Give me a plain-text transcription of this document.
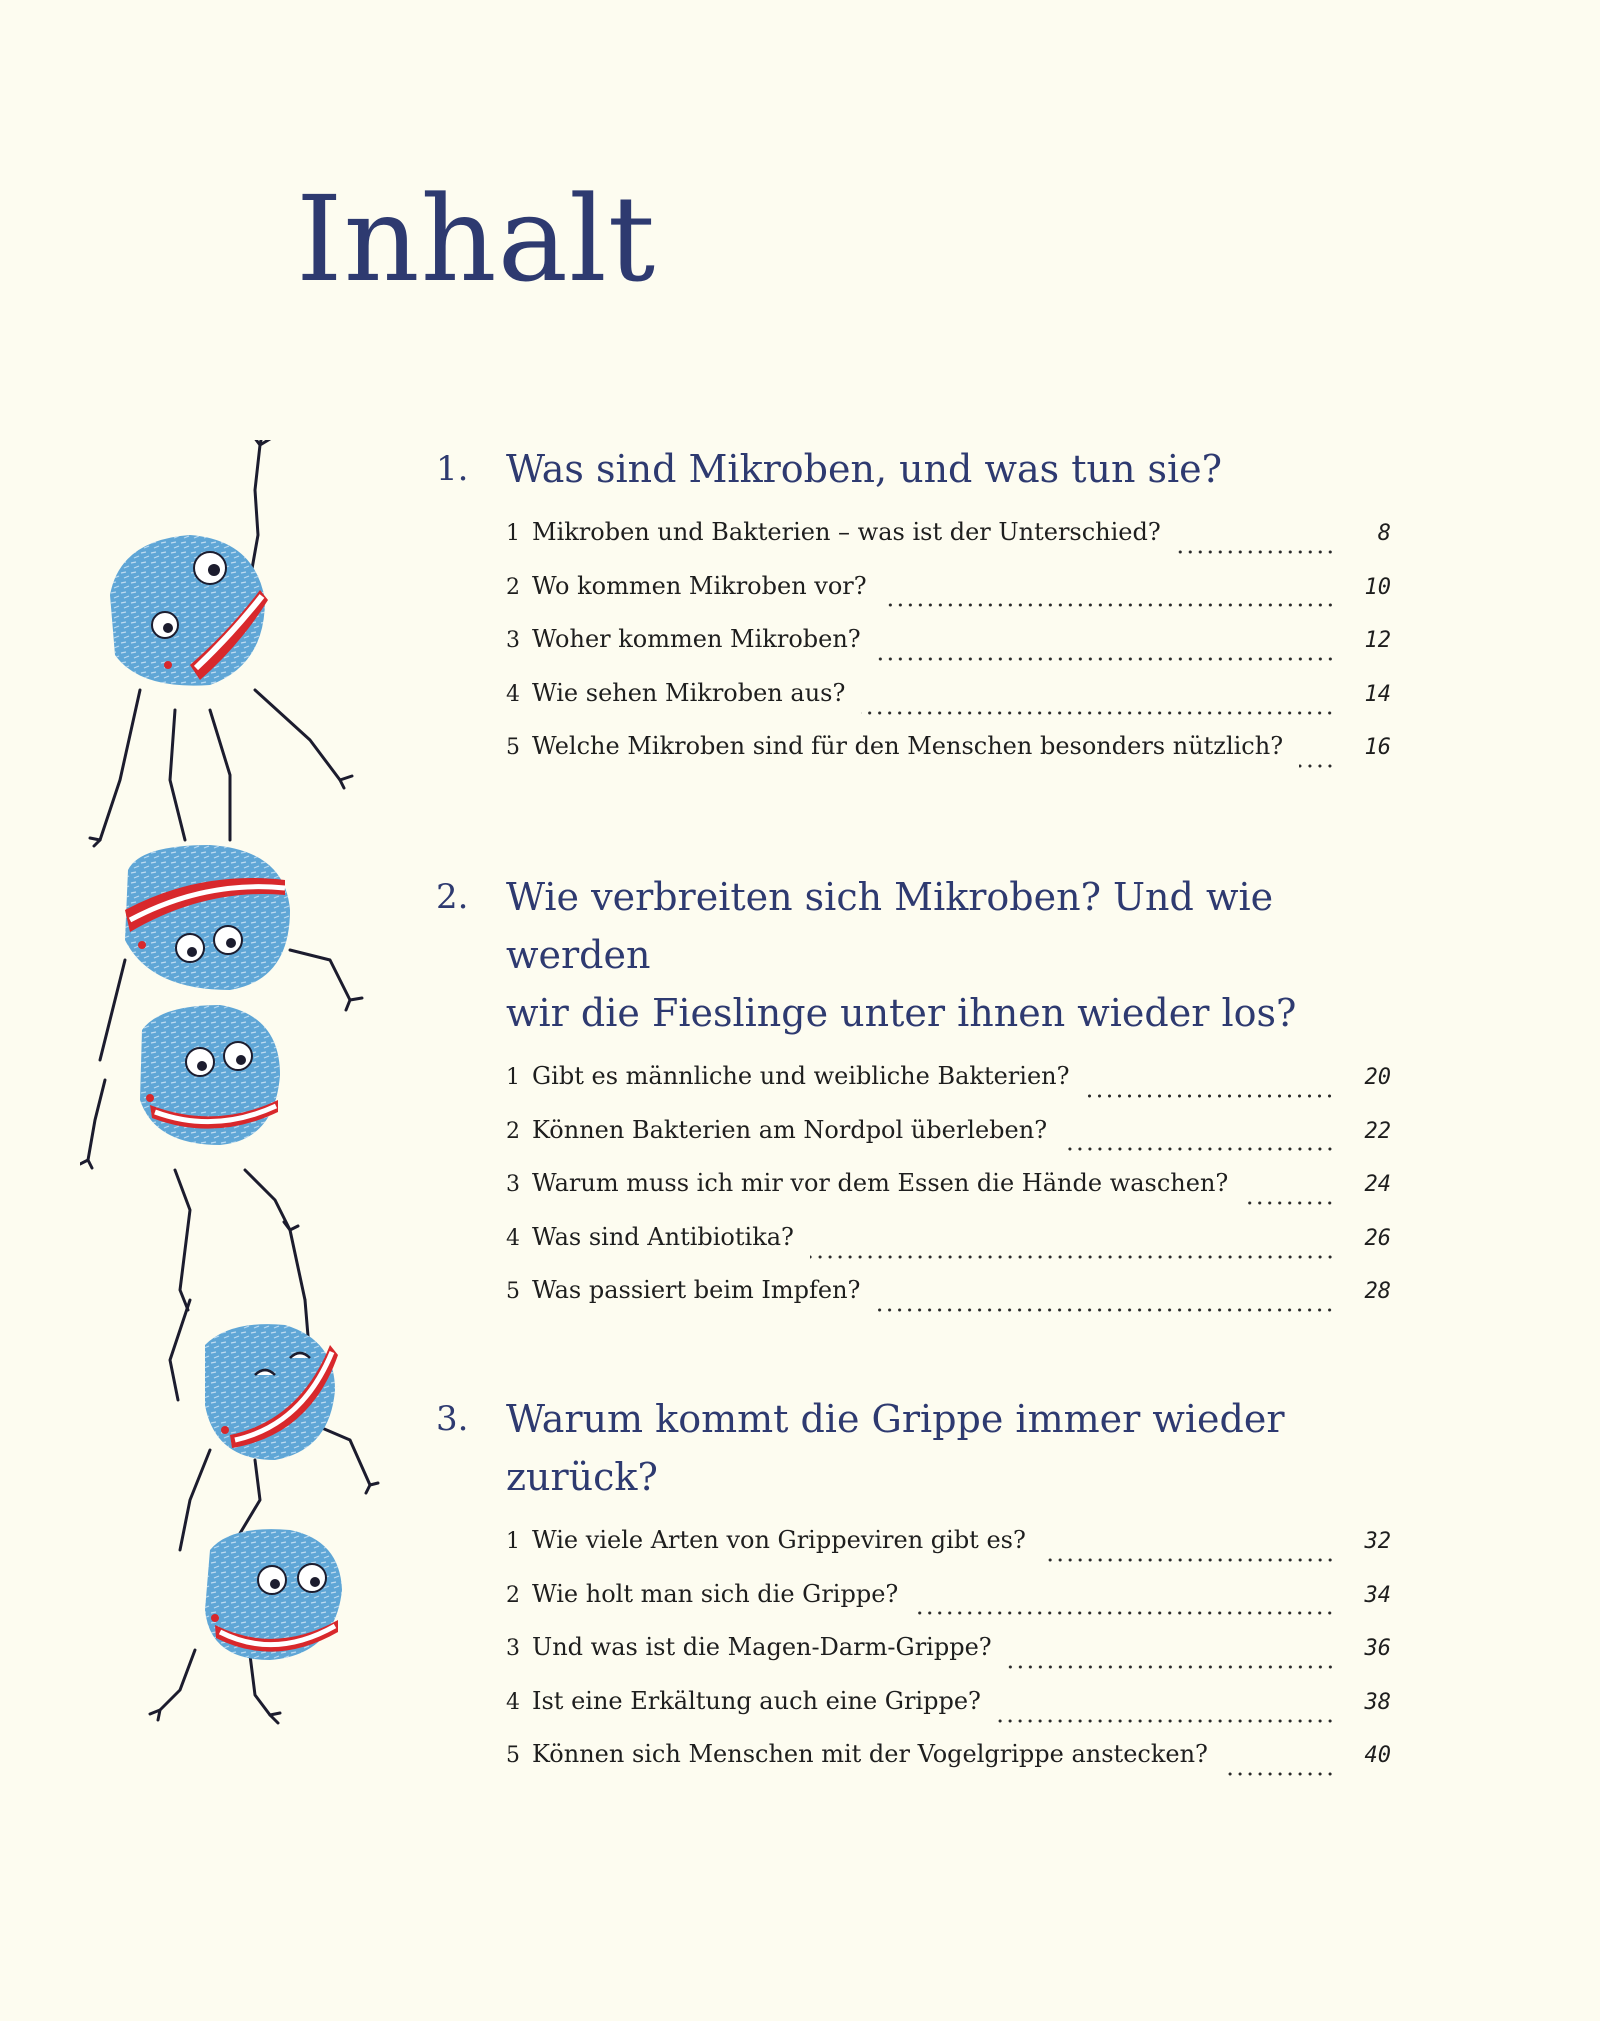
Inhalt
1. Was sind Mikroben, und was tun sie?
1 Mikroben und Bakterien – was ist der Unterschied?	8
2 Wo kommen Mikroben vor?	10
3 Woher kommen Mikroben?	12
4 Wie sehen Mikroben aus?	14
5 Welche Mikroben sind für den Menschen besonders nützlich?	16
2. Wie verbreiten sich Mikroben? Und wie werden
wir die Fieslinge unter ihnen wieder los?
1 Gibt es männliche und weibliche Bakterien?	20
2 Können Bakterien am Nordpol überleben?	22
3 Warum muss ich mir vor dem Essen die Hände waschen?	24
4 Was sind Antibiotika?	26
5 Was passiert beim Impfen?	28
3. Warum kommt die Grippe immer wieder zurück?
1 Wie viele Arten von Grippeviren gibt es?	32
2 Wie holt man sich die Grippe?	34
3 Und was ist die Magen-Darm-Grippe?	36
4 Ist eine Erkältung auch eine Grippe?	38
5 Können sich Menschen mit der Vogelgrippe anstecken?	40
